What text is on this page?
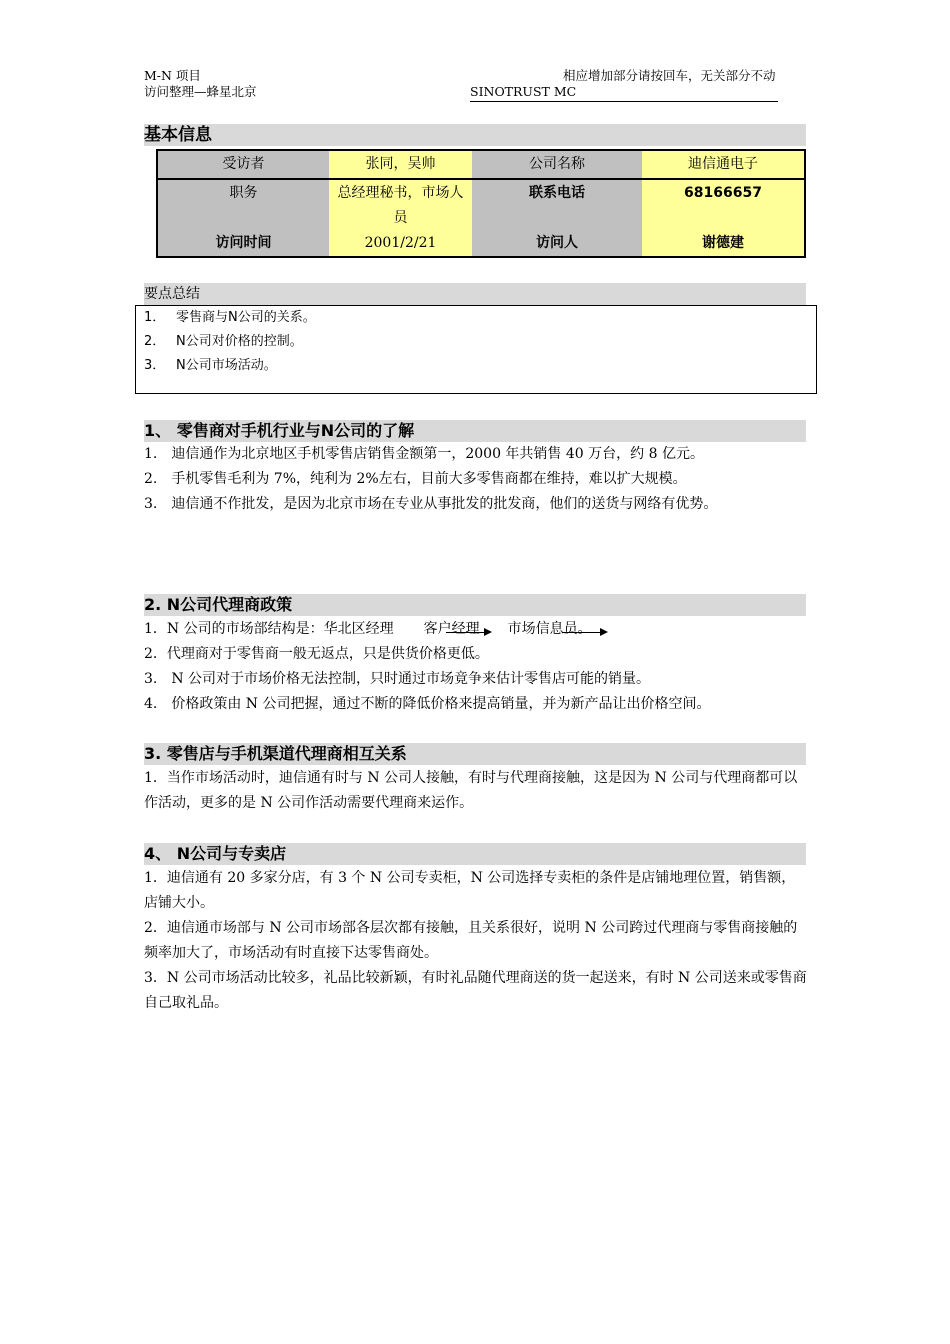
M-N 项目
访问整理—蜂星北京	SINOTRUST MC
相应增加部分请按回车，无关部分不动
基本信息
受访者	张同，吴帅	公司名称	迪信通电子
职务	总经理秘书，市场人员	联系电话	68166657
访问时间	2001/2/21	访问人	谢德建
要点总结
1． 零售商与N公司的关系。
2． N公司对价格的控制。
3． N公司市场活动。
1、 零售商对手机行业与N公司的了解

1.　迪信通作为北京地区手机零售店销售金额第一，2000 年共销售 40 万台，约 8 亿元。

2.　手机零售毛利为 7%，纯利为 2%左右，目前大多零售商都在维持，难以扩大规模。

3.　迪信通不作批发，是因为北京市场在专业从事批发的批发商，他们的送货与网络有优势。

2. N公司代理商政策

1．N 公司的市场部结构是：华北区经理 客户经理 市场信息员。

2．代理商对于零售商一般无返点，只是供货价格更低。

3.　N 公司对于市场价格无法控制，只时通过市场竟争来估计零售店可能的销量。

4.　价格政策由 N 公司把握，通过不断的降低价格来提高销量，并为新产品让出价格空间。

3. 零售店与手机渠道代理商相互关系

1．当作市场活动时，迪信通有时与 N 公司人接触，有时与代理商接触，这是因为 N 公司与代理商都可以作活动，更多的是 N 公司作活动需要代理商来运作。

4、 N公司与专卖店

1．迪信通有 20 多家分店，有 3 个 N 公司专卖柜，N 公司选择专卖柜的条件是店铺地理位置，销售额，店铺大小。

2．迪信通市场部与 N 公司市场部各层次都有接触，且关系很好，说明 N 公司跨过代理商与零售商接触的频率加大了，市场活动有时直接下达零售商处。

3．N 公司市场活动比较多，礼品比较新颖，有时礼品随代理商送的货一起送来，有时 N 公司送来或零售商自己取礼品。
